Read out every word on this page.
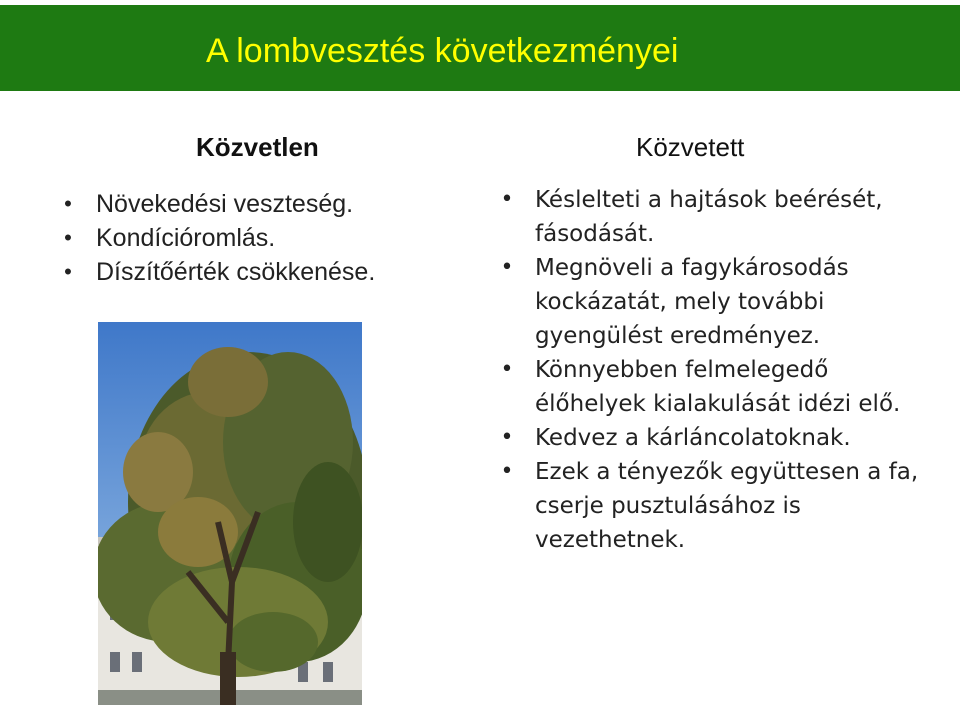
A lombvesztés következményei
Közvetlen	Közvetett
• Növekedési veszteség.
• Kondícióromlás.
• Díszítőérték csökkenése.
• Késlelteti a hajtások beérését, fásodását.
• Megnöveli a fagykárosodás kockázatát, mely további gyengülést eredményez.
• Könnyebben felmelegedő élőhelyek kialakulását idézi elő.
• Kedvez a kárláncolatoknak.
• Ezek a tényezők együttesen a fa, cserje pusztulásához is vezethetnek.
